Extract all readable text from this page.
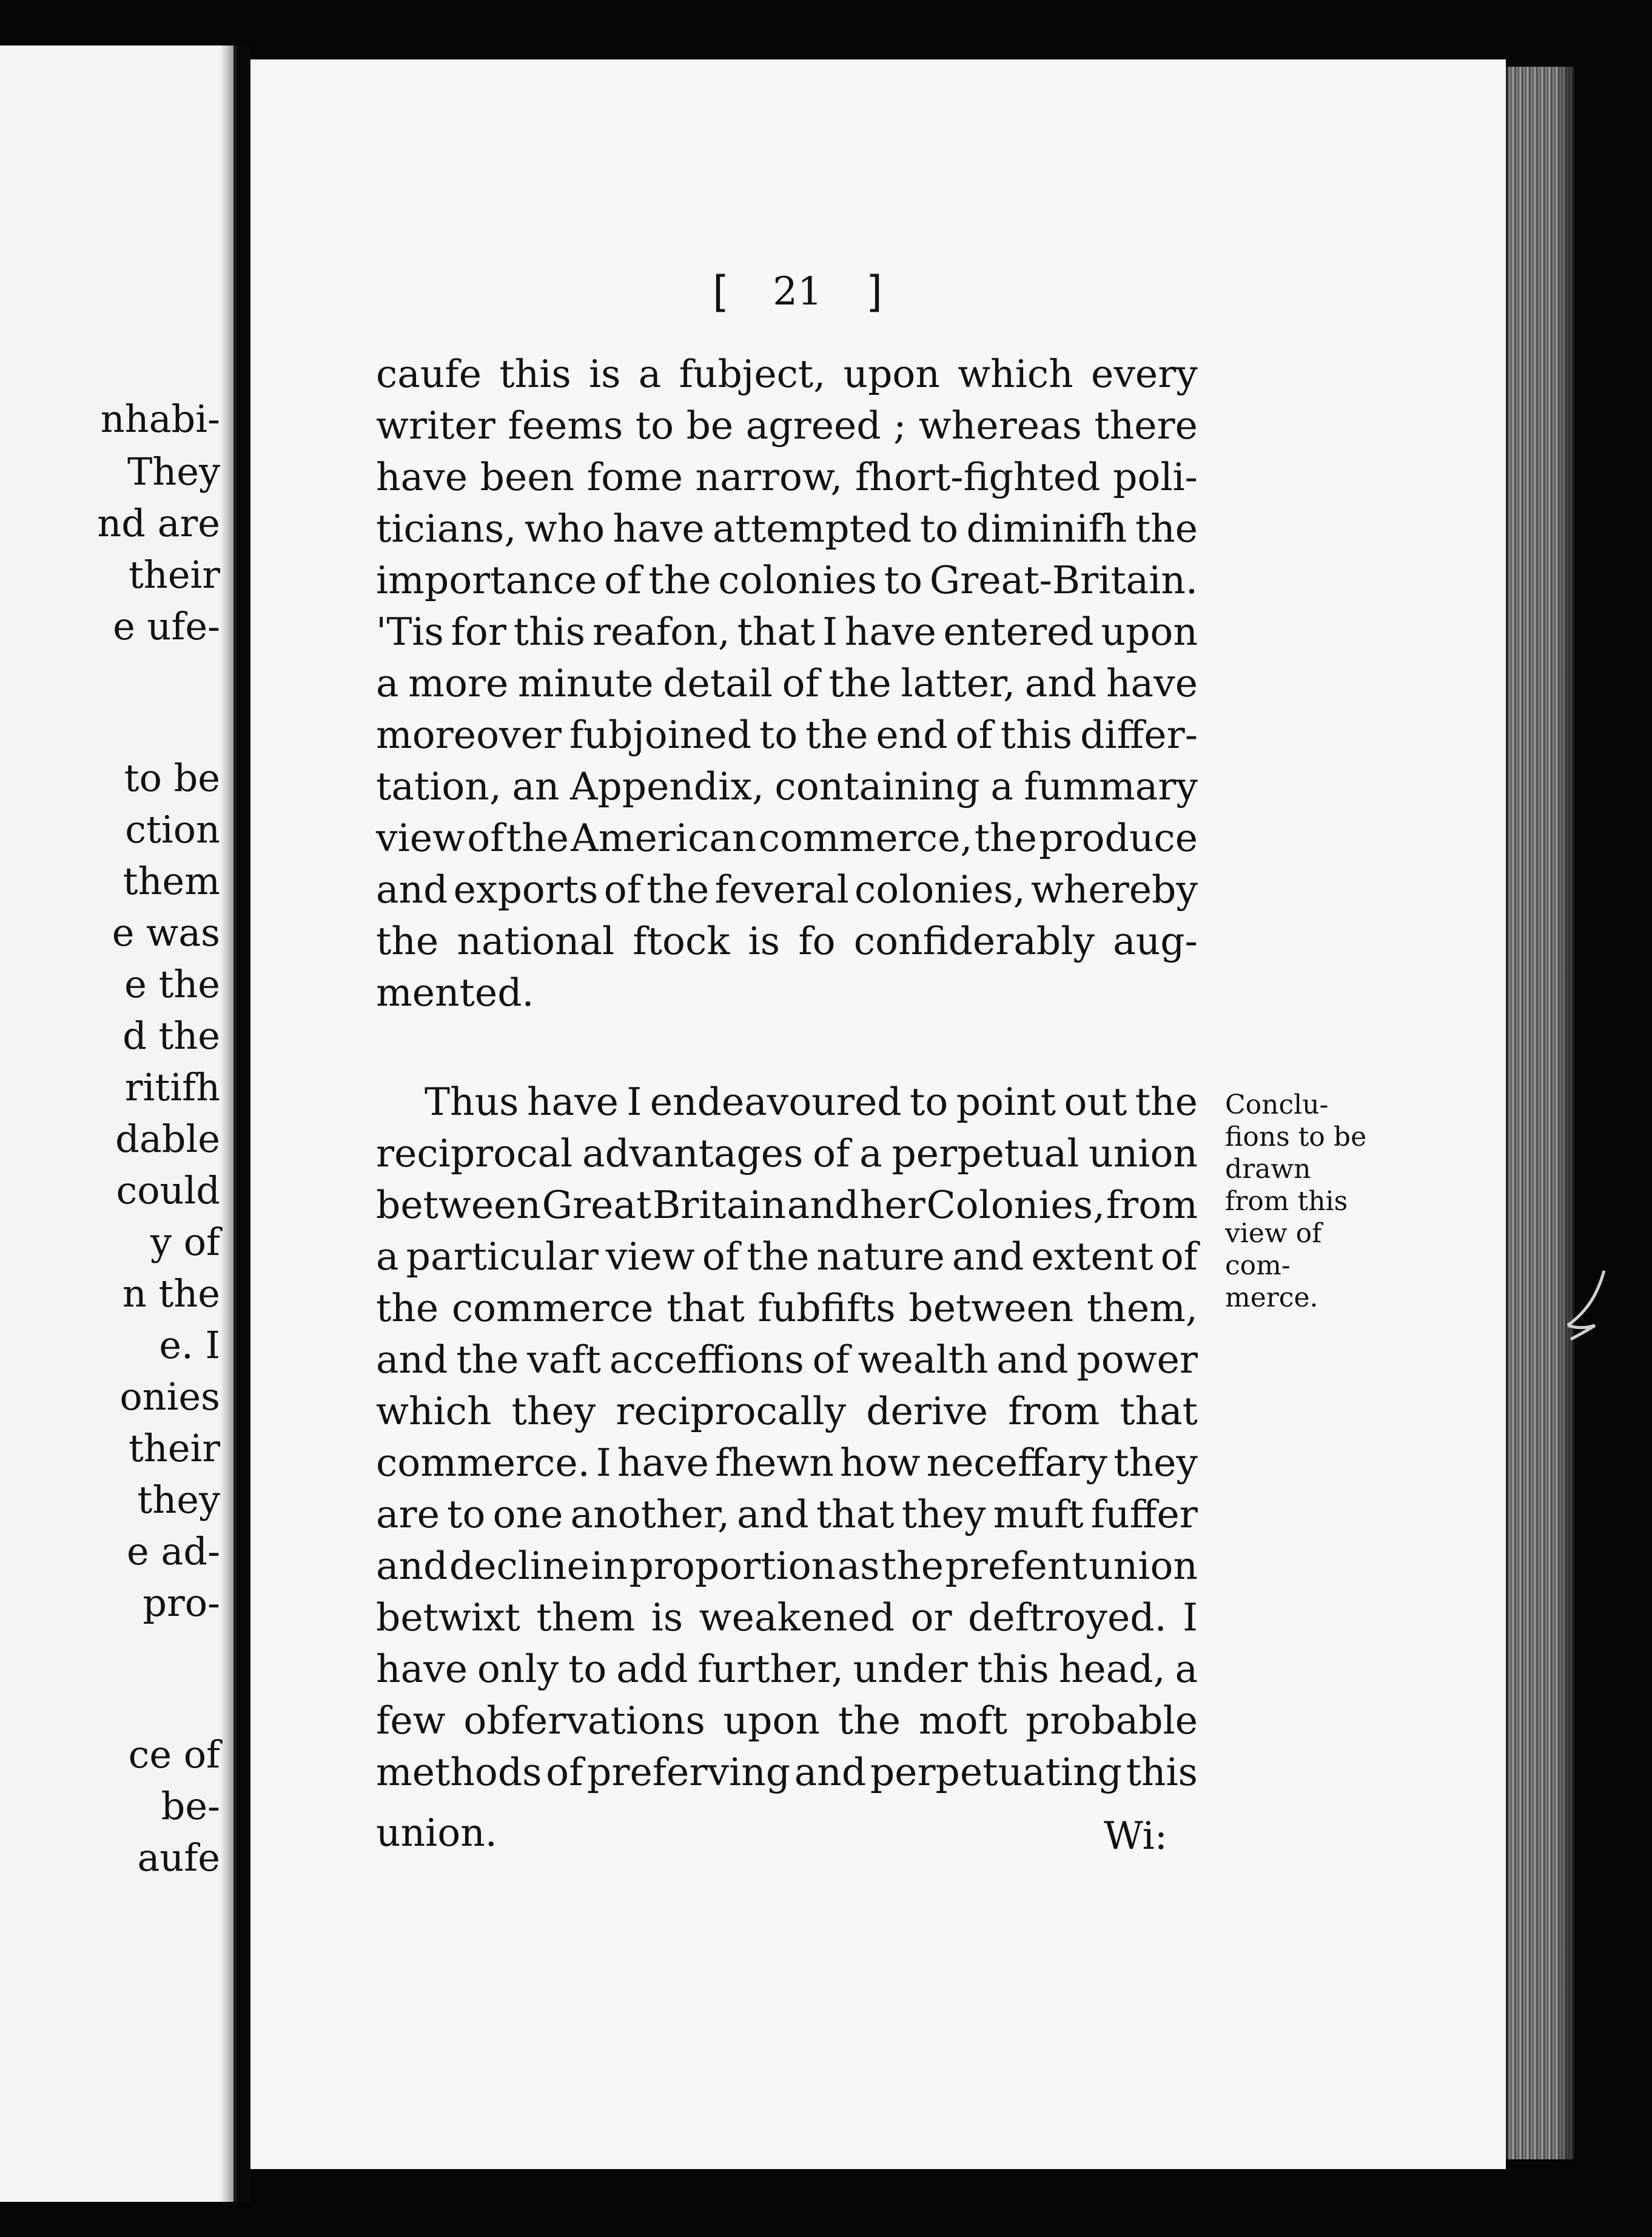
nhabi-
They
nd are
their
e ufe-
to be
ction
them
e was
e the
d the
ritifh
dable
could
y of
n the
e. I
onies
their
they
e ad-
pro-
ce of
be-
aufe
[ 21 ]
caufe this is a fubject, upon which every
writer feems to be agreed ; whereas there
have been fome narrow, fhort-fighted poli-
ticians, who have attempted to diminifh the
importance of the colonies to Great-Britain.
'Tis for this reafon, that I have entered upon
a more minute detail of the latter, and have
moreover fubjoined to the end of this differ-
tation, an Appendix, containing a fummary
view of the American commerce, the produce
and exports of the feveral colonies, whereby
the national ftock is fo confiderably aug-
mented.
Thus have I endeavoured to point out the
reciprocal advantages of a perpetual union
between Great Britain and her Colonies, from
a particular view of the nature and extent of
the commerce that fubfifts between them,
and the vaft acceffions of wealth and power
which they reciprocally derive from that
commerce. I have fhewn how neceffary they
are to one another, and that they muft fuffer
and decline in proportion as the prefent union
betwixt them is weakened or deftroyed. I
have only to add further, under this head, a
few obfervations upon the moft probable
methods of preferving and perpetuating this
union.	Wi:
Conclu-
fions to be
drawn
from this
view of
com-
merce.
